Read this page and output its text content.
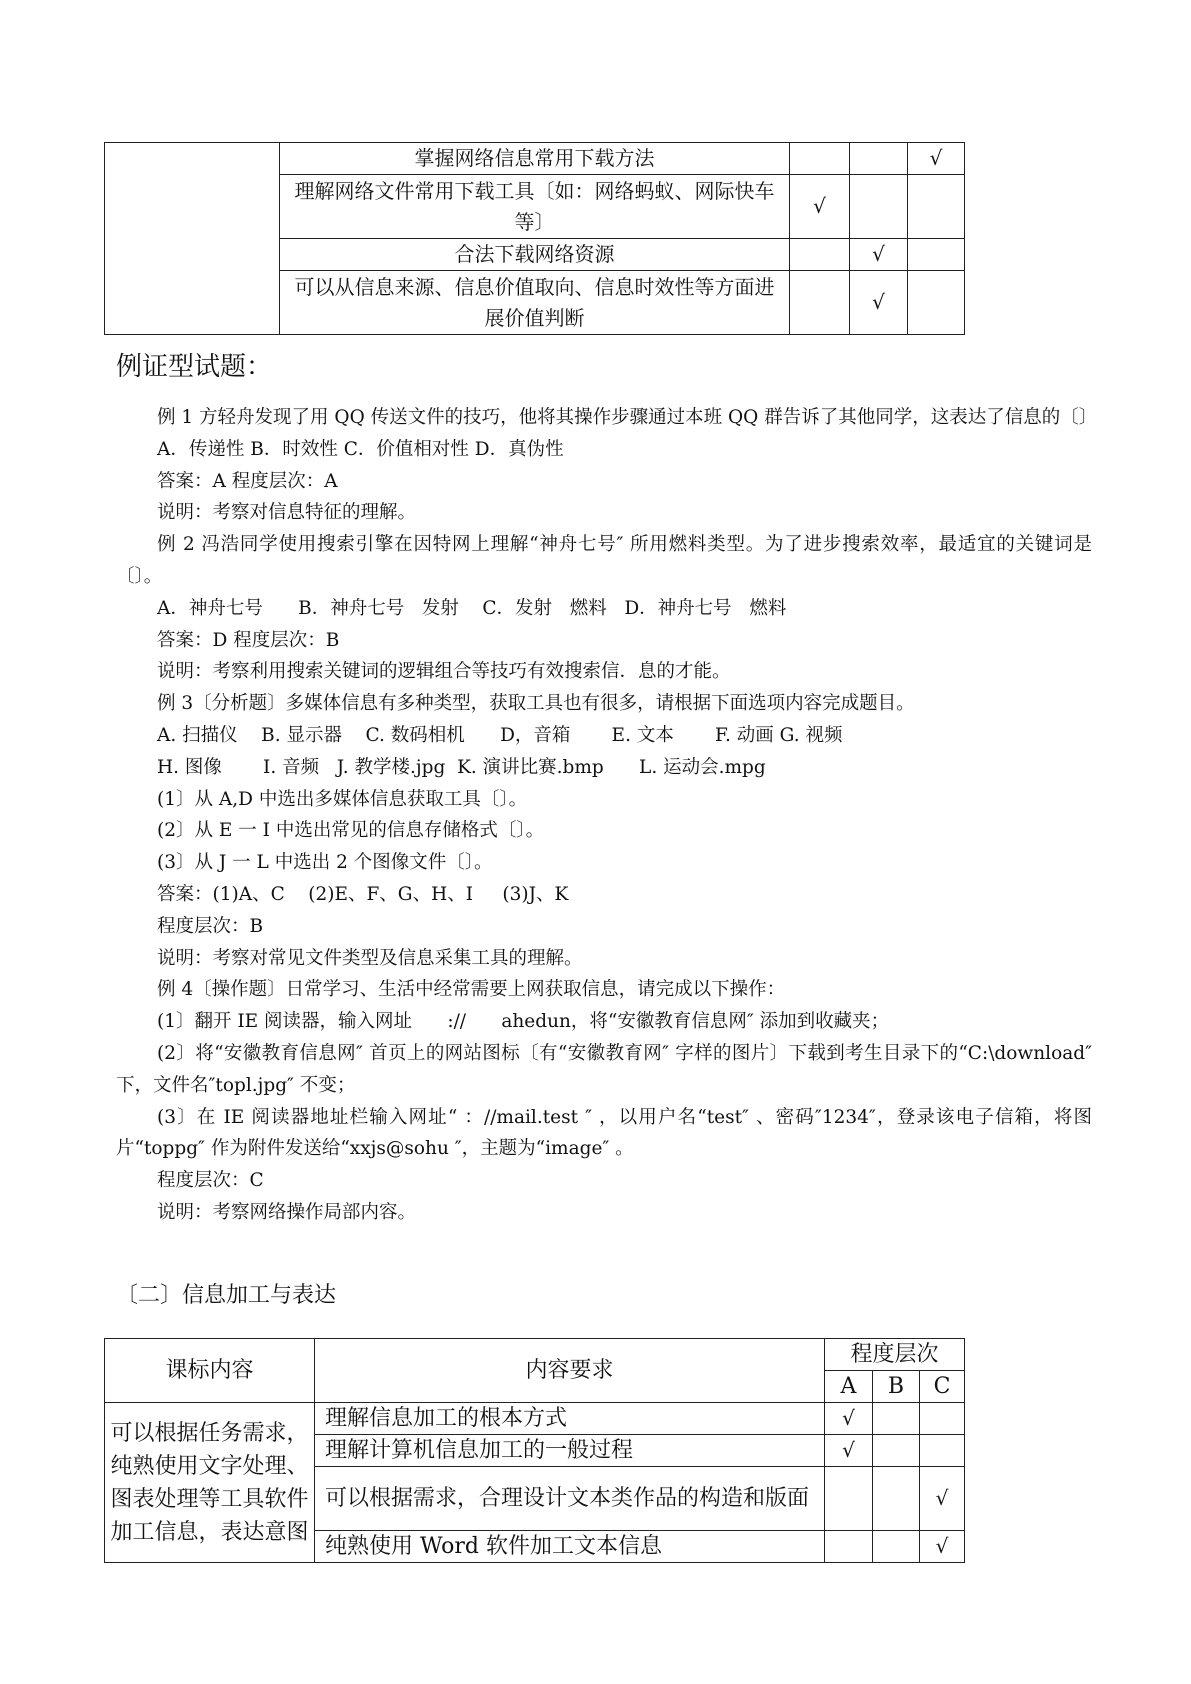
	掌握网络信息常用下载方法			√
	理解网络文件常用下载工具〔如：网络蚂蚁、网际快车等〕	√		
	合法下载网络资源		√	
	可以从信息来源、信息价值取向、信息时效性等方面进展价值判断		√	
例证型试题：

例 1 方轻舟发现了用 QQ 传送文件的技巧，他将其操作步骤通过本班 QQ 群告诉了其他同学，这表达了信息的〔〕

A．传递性 B．时效性 C．价值相对性 D．真伪性

答案：A 程度层次：A

说明：考察对信息特征的理解。

例 2 冯浩同学使用搜索引擎在因特网上理解“神舟七号″ 所用燃料类型。为了进步搜索效率，最适宜的关键词是〔〕。

A．神舟七号      B．神舟七号   发射    C．发射   燃料   D．神舟七号   燃料

答案：D 程度层次：B

说明：考察利用搜索关键词的逻辑组合等技巧有效搜索信．息的才能。

例 3〔分析题〕多媒体信息有多种类型，获取工具也有很多，请根据下面选项内容完成题目。

A. 扫描仪    B. 显示器    C. 数码相机      D，音箱       E. 文本       F. 动画 G. 视频

H. 图像       I. 音频   J. 教学楼.jpg  K. 演讲比赛.bmp      L. 运动会.mpg

(1〕从 A,D 中选出多媒体信息获取工具〔〕。

(2〕从 E 一 I 中选出常见的信息存储格式〔〕。

(3〕从 J 一 L 中选出 2 个图像文件〔〕。

答案：(1)A、C    (2)E、F、G、H、I     (3)J、K

程度层次：B

说明：考察对常见文件类型及信息采集工具的理解。

例 4〔操作题〕日常学习、生活中经常需要上网获取信息，请完成以下操作：

(1〕翻开 IE 阅读器，输入网址      ://      ahedun，将“安徽教育信息网″ 添加到收藏夹；

(2〕将“安徽教育信息网″ 首页上的网站图标〔有“安徽教育网″ 字样的图片〕下载到考生目录下的“C:\download″ 下，文件名″topl.jpg″ 不变；

(3〕在 IE 阅读器地址栏输入网址“ ：//mail.test ″ ，以用户名“test″ 、密码″1234″，登录该电子信箱，将图片“toppg″ 作为附件发送给“xxjs@sohu ″，主题为“image″ 。

程度层次：C

说明：考察网络操作局部内容。

〔二〕信息加工与表达
课标内容	内容要求	程度层次		
		A	B	C
可以根据任务需求，纯熟使用文字处理、图表处理等工具软件加工信息，表达意图	理解信息加工的根本方式	√		
	理解计算机信息加工的一般过程	√		
	可以根据需求，合理设计文本类作品的构造和版面			√
	纯熟使用 Word 软件加工文本信息			√
